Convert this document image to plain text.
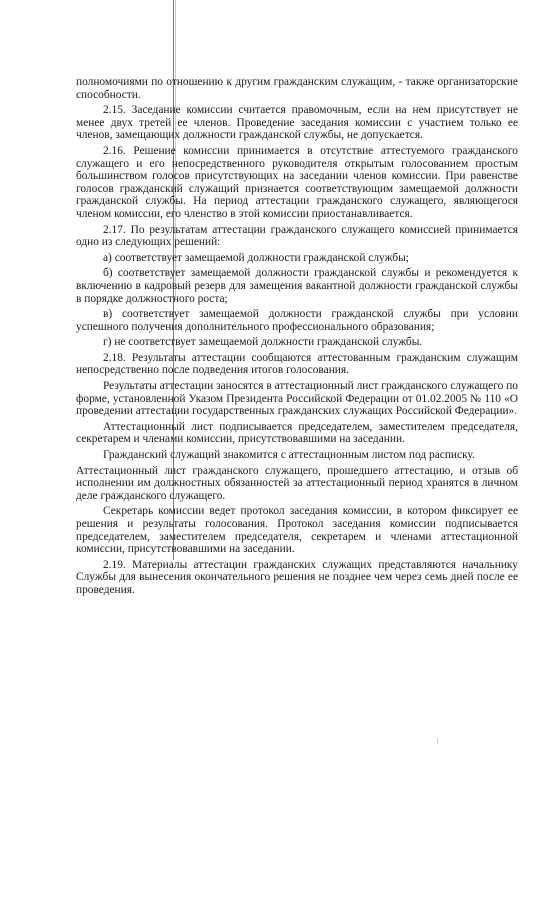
полномочиями по отношению к другим гражданским служащим, - также организаторские способности.

2.15. Заседание комиссии считается правомочным, если на нем присутствует не менее двух третей ее членов. Проведение заседания комиссии с участием только ее членов, замещающих должности гражданской службы, не допускается.

2.16. Решение комиссии принимается в отсутствие аттестуемого гражданского служащего и его непосредственного руководителя открытым голосованием простым большинством голосов присутствующих на заседании членов комиссии. При равенстве голосов гражданский служащий признается соответствующим замещаемой должности гражданской службы. На период аттестации гражданского служащего, являющегося членом комиссии, его членство в этой комиссии приостанавливается.

2.17. По результатам аттестации гражданского служащего комиссией принимается одно из следующих решений:

а) соответствует замещаемой должности гражданской службы;

б) соответствует замещаемой должности гражданской службы и рекомендуется к включению в кадровый резерв для замещения вакантной должности гражданской службы в порядке должностного роста;

в) соответствует замещаемой должности гражданской службы при условии успешного получения дополнительного профессионального образования;

г) не соответствует замещаемой должности гражданской службы.

2.18. Результаты аттестации сообщаются аттестованным гражданским служащим непосредственно после подведения итогов голосования.

Результаты аттестации заносятся в аттестационный лист гражданского служащего по форме, установленной Указом Президента Российской Федерации от 01.02.2005 № 110 «О проведении аттестации государственных гражданских служащих Российской Федерации».

Аттестационный лист подписывается председателем, заместителем председателя, секретарем и членами комиссии, присутствовавшими на заседании.

Гражданский служащий знакомится с аттестационным листом под расписку.

Аттестационный лист гражданского служащего, прошедшего аттестацию, и отзыв об исполнении им должностных обязанностей за аттестационный период хранятся в личном деле гражданского служащего.

Секретарь комиссии ведет протокол заседания комиссии, в котором фиксирует ее решения и результаты голосования. Протокол заседания комиссии подписывается председателем, заместителем председателя, секретарем и членами аттестационной комиссии, присутствовавшими на заседании.

2.19. Материалы аттестации гражданских служащих представляются начальнику Службы для вынесения окончательного решения не позднее чем через семь дней после ее проведения.
